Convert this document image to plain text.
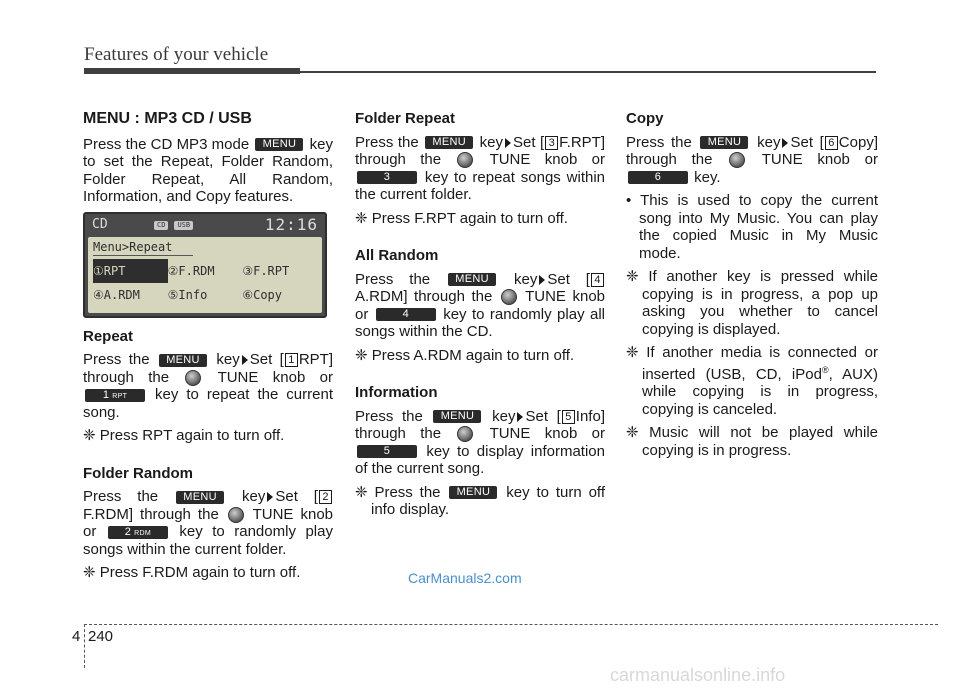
Features of your vehicle
MENU : MP3 CD / USB

Press the CD MP3 mode MENU key to set the Repeat, Folder Random, Folder Repeat, All Random, Information, and Copy features.

CD	CD	USB	12:16
Menu>Repeat
①RPT	②F.RDM	③F.RPT
④A.RDM	⑤Info	⑥Copy
Repeat

Press the MENU key Set [ 1 RPT] through the	TUNE knob or 1 RPT key to repeat the current song.

❈ Press RPT again to turn off.

Folder Random

Press the MENU key Set [ 2 F.RDM] through the TUNE knob or	2 RDM key to randomly play songs within the current folder.

❈ Press F.RDM again to turn off.

Folder Repeat

Press the MENU key Set [ 3 F.RPT] through the	TUNE knob or 3 key to repeat songs within the current folder.

❈ Press F.RPT again to turn off.

All Random

Press the MENU key Set [ 4 A.RDM] through the TUNE knob or	4 key to randomly play all songs within the CD.

❈ Press A.RDM again to turn off.

Information

Press the MENU key Set [ 5 Info] through the	TUNE knob or 5 key to display information of the current song.

❈ Press the MENU key to turn off info display.

Copy

Press the MENU key Set [ 6 Copy] through the	TUNE knob or 6 key.

• This is used to copy the current song into My Music. You can play the copied Music in My Music mode.

❈ If another key is pressed while copying is in progress, a pop up asking you whether to cancel copying is displayed.

❈ If another media is connected or inserted (USB, CD, iPod®, AUX) while copying is in progress, copying is canceled.

❈ Music will not be played while copying is in progress.

CarManuals2.com
4 240
carmanualsonline.info
